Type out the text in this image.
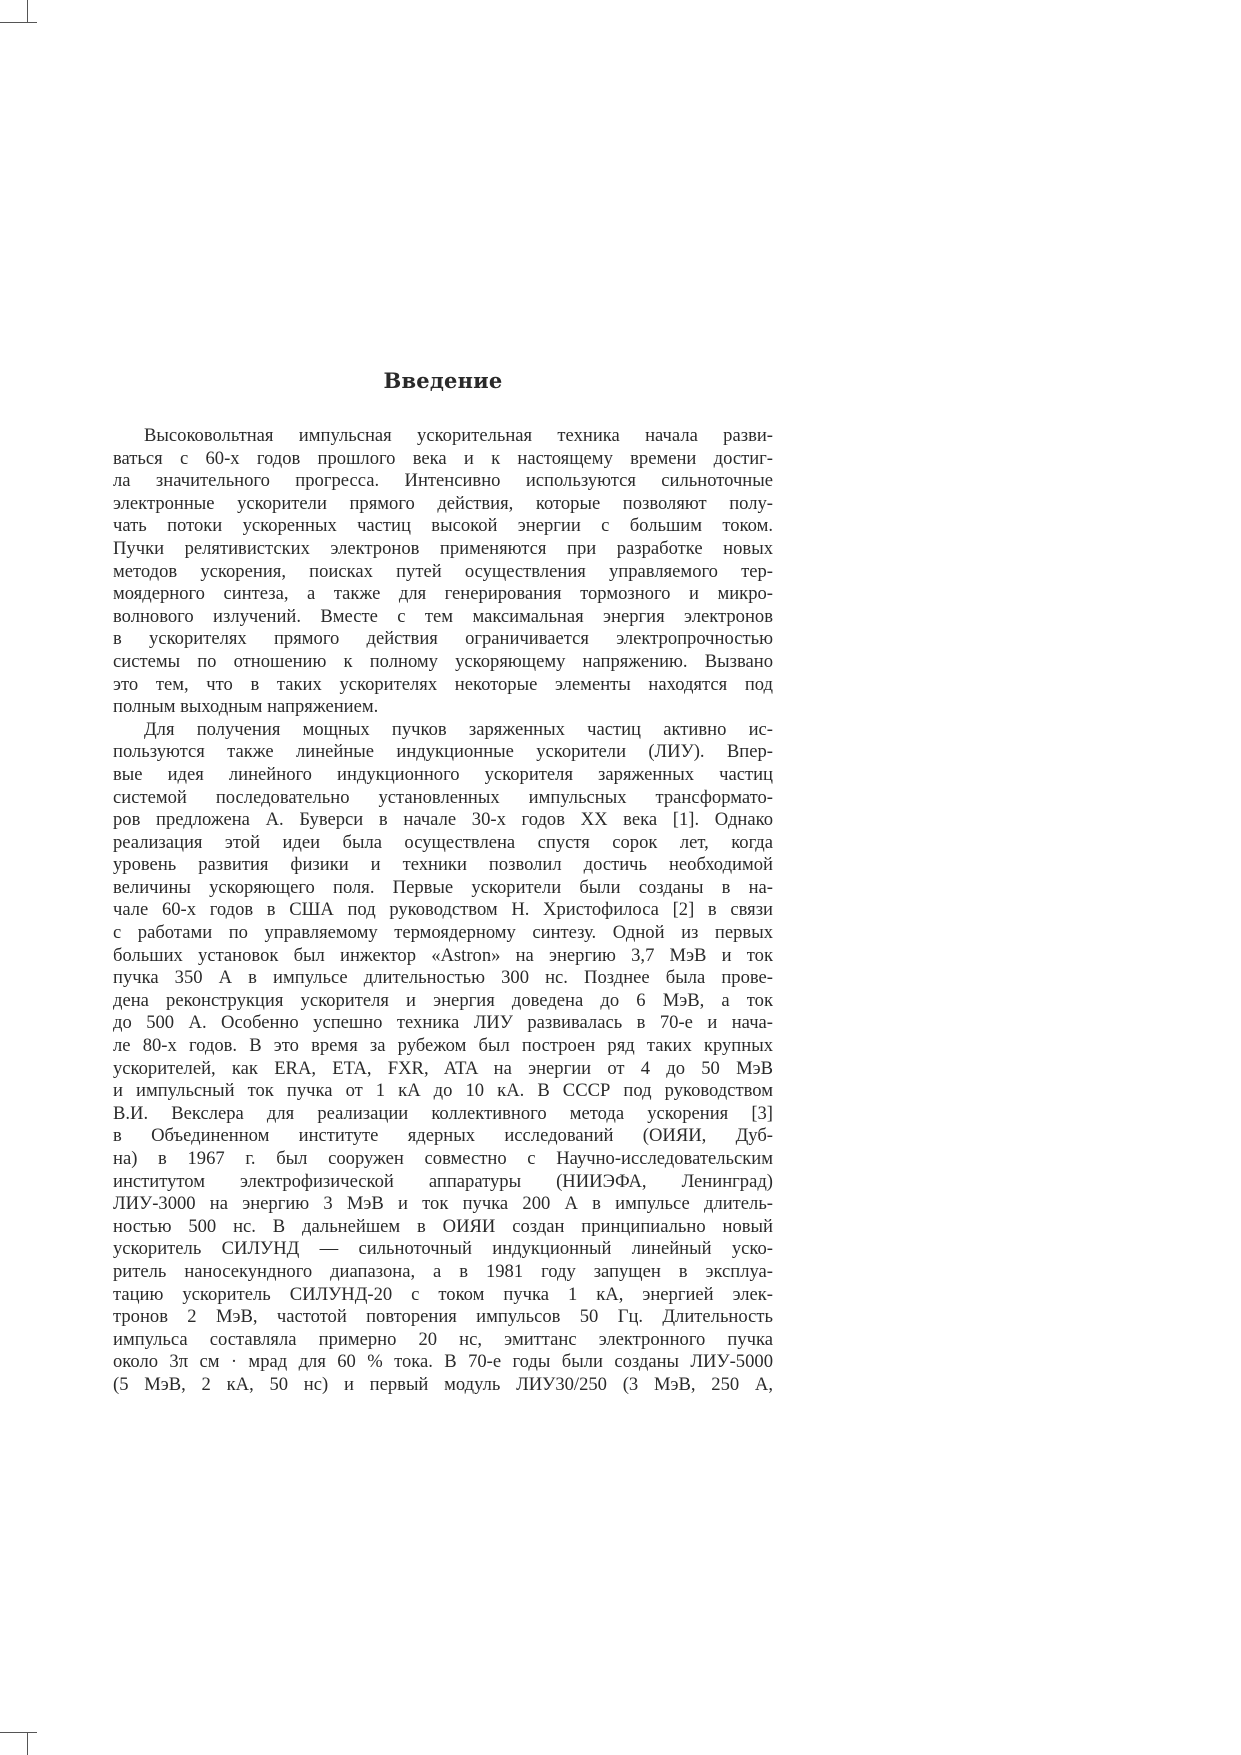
Введение

Высоковольтная импульсная ускорительная техника начала разви-
ваться с 60-х годов прошлого века и к настоящему времени достиг-
ла значительного прогресса. Интенсивно используются сильноточные
электронные ускорители прямого действия, которые позволяют полу-
чать потоки ускоренных частиц высокой энергии с большим током.
Пучки релятивистских электронов применяются при разработке новых
методов ускорения, поисках путей осуществления управляемого тер-
моядерного синтеза, а также для генерирования тормозного и микро-
волнового излучений. Вместе с тем максимальная энергия электронов
в ускорителях прямого действия ограничивается электропрочностью
системы по отношению к полному ускоряющему напряжению. Вызвано
это тем, что в таких ускорителях некоторые элементы находятся под
полным выходным напряжением.

Для получения мощных пучков заряженных частиц активно ис-
пользуются также линейные индукционные ускорители (ЛИУ). Впер-
вые идея линейного индукционного ускорителя заряженных частиц
системой последовательно установленных импульсных трансформато-
ров предложена А. Буверси в начале 30-х годов XX века [1]. Однако
реализация этой идеи была осуществлена спустя сорок лет, когда
уровень развития физики и техники позволил достичь необходимой
величины ускоряющего поля. Первые ускорители были созданы в на-
чале 60-х годов в США под руководством Н. Христофилоса [2] в связи
с работами по управляемому термоядерному синтезу. Одной из первых
больших установок был инжектор «Astron» на энергию 3,7 МэВ и ток
пучка 350 А в импульсе длительностью 300 нс. Позднее была прове-
дена реконструкция ускорителя и энергия доведена до 6 МэВ, а ток
до 500 А. Особенно успешно техника ЛИУ развивалась в 70-е и нача-
ле 80-х годов. В это время за рубежом был построен ряд таких крупных
ускорителей, как ERA, ETA, FXR, ATA на энергии от 4 до 50 МэВ
и импульсный ток пучка от 1 кА до 10 кА. В СССР под руководством
В.И. Векслера для реализации коллективного метода ускорения [3]
в Объединенном институте ядерных исследований (ОИЯИ, Дуб-
на) в 1967 г. был сооружен совместно с Научно-исследовательским
институтом электрофизической аппаратуры (НИИЭФА, Ленинград)
ЛИУ-3000 на энергию 3 МэВ и ток пучка 200 А в импульсе длитель-
ностью 500 нс. В дальнейшем в ОИЯИ создан принципиально новый
ускоритель СИЛУНД — сильноточный индукционный линейный уско-
ритель наносекундного диапазона, а в 1981 году запущен в эксплуа-
тацию ускоритель СИЛУНД-20 с током пучка 1 кА, энергией элек-
тронов 2 МэВ, частотой повторения импульсов 50 Гц. Длительность
импульса составляла примерно 20 нс, эмиттанс электронного пучка
около 3π см · мрад для 60 % тока. В 70-е годы были созданы ЛИУ-5000
(5 МэВ, 2 кА, 50 нс) и первый модуль ЛИУ30/250 (3 МэВ, 250 А,
